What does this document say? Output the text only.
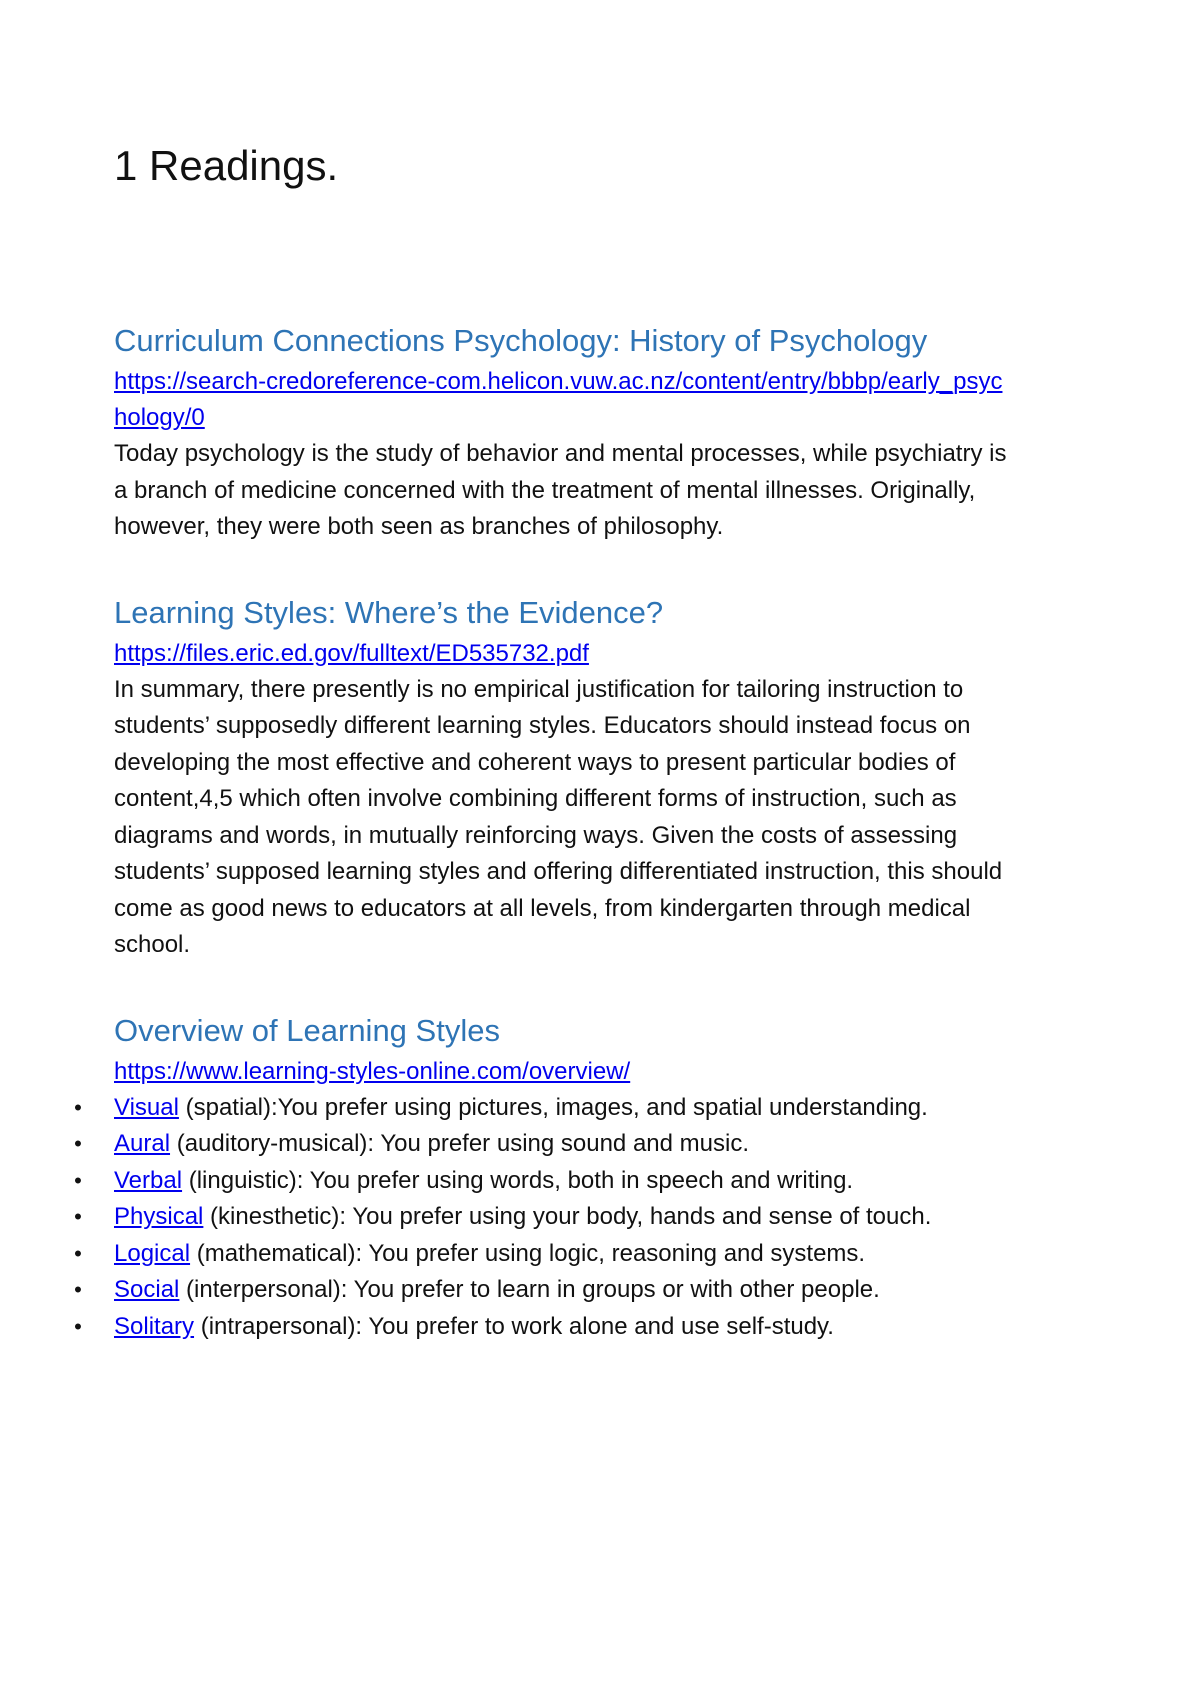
1 Readings.
Curriculum Connections Psychology: History of Psychology
https://search-credoreference-com.helicon.vuw.ac.nz/content/entry/bbbp/early_psychology/0

Today psychology is the study of behavior and mental processes, while psychiatry is a branch of medicine concerned with the treatment of mental illnesses. Originally, however, they were both seen as branches of philosophy.

Learning Styles: Where’s the Evidence?
https://files.eric.ed.gov/fulltext/ED535732.pdf

In summary, there presently is no empirical justification for tailoring instruction to students’ supposedly different learning styles. Educators should instead focus on developing the most effective and coherent ways to present particular bodies of content,4,5 which often involve combining different forms of instruction, such as diagrams and words, in mutually reinforcing ways. Given the costs of assessing students’ supposed learning styles and offering differentiated instruction, this should come as good news to educators at all levels, from kindergarten through medical school.

Overview of Learning Styles
https://www.learning-styles-online.com/overview/
• Visual (spatial):You prefer using pictures, images, and spatial understanding.
• Aural (auditory-musical): You prefer using sound and music.
• Verbal (linguistic): You prefer using words, both in speech and writing.
• Physical (kinesthetic): You prefer using your body, hands and sense of touch.
• Logical (mathematical): You prefer using logic, reasoning and systems.
• Social (interpersonal): You prefer to learn in groups or with other people.
• Solitary (intrapersonal): You prefer to work alone and use self-study.
